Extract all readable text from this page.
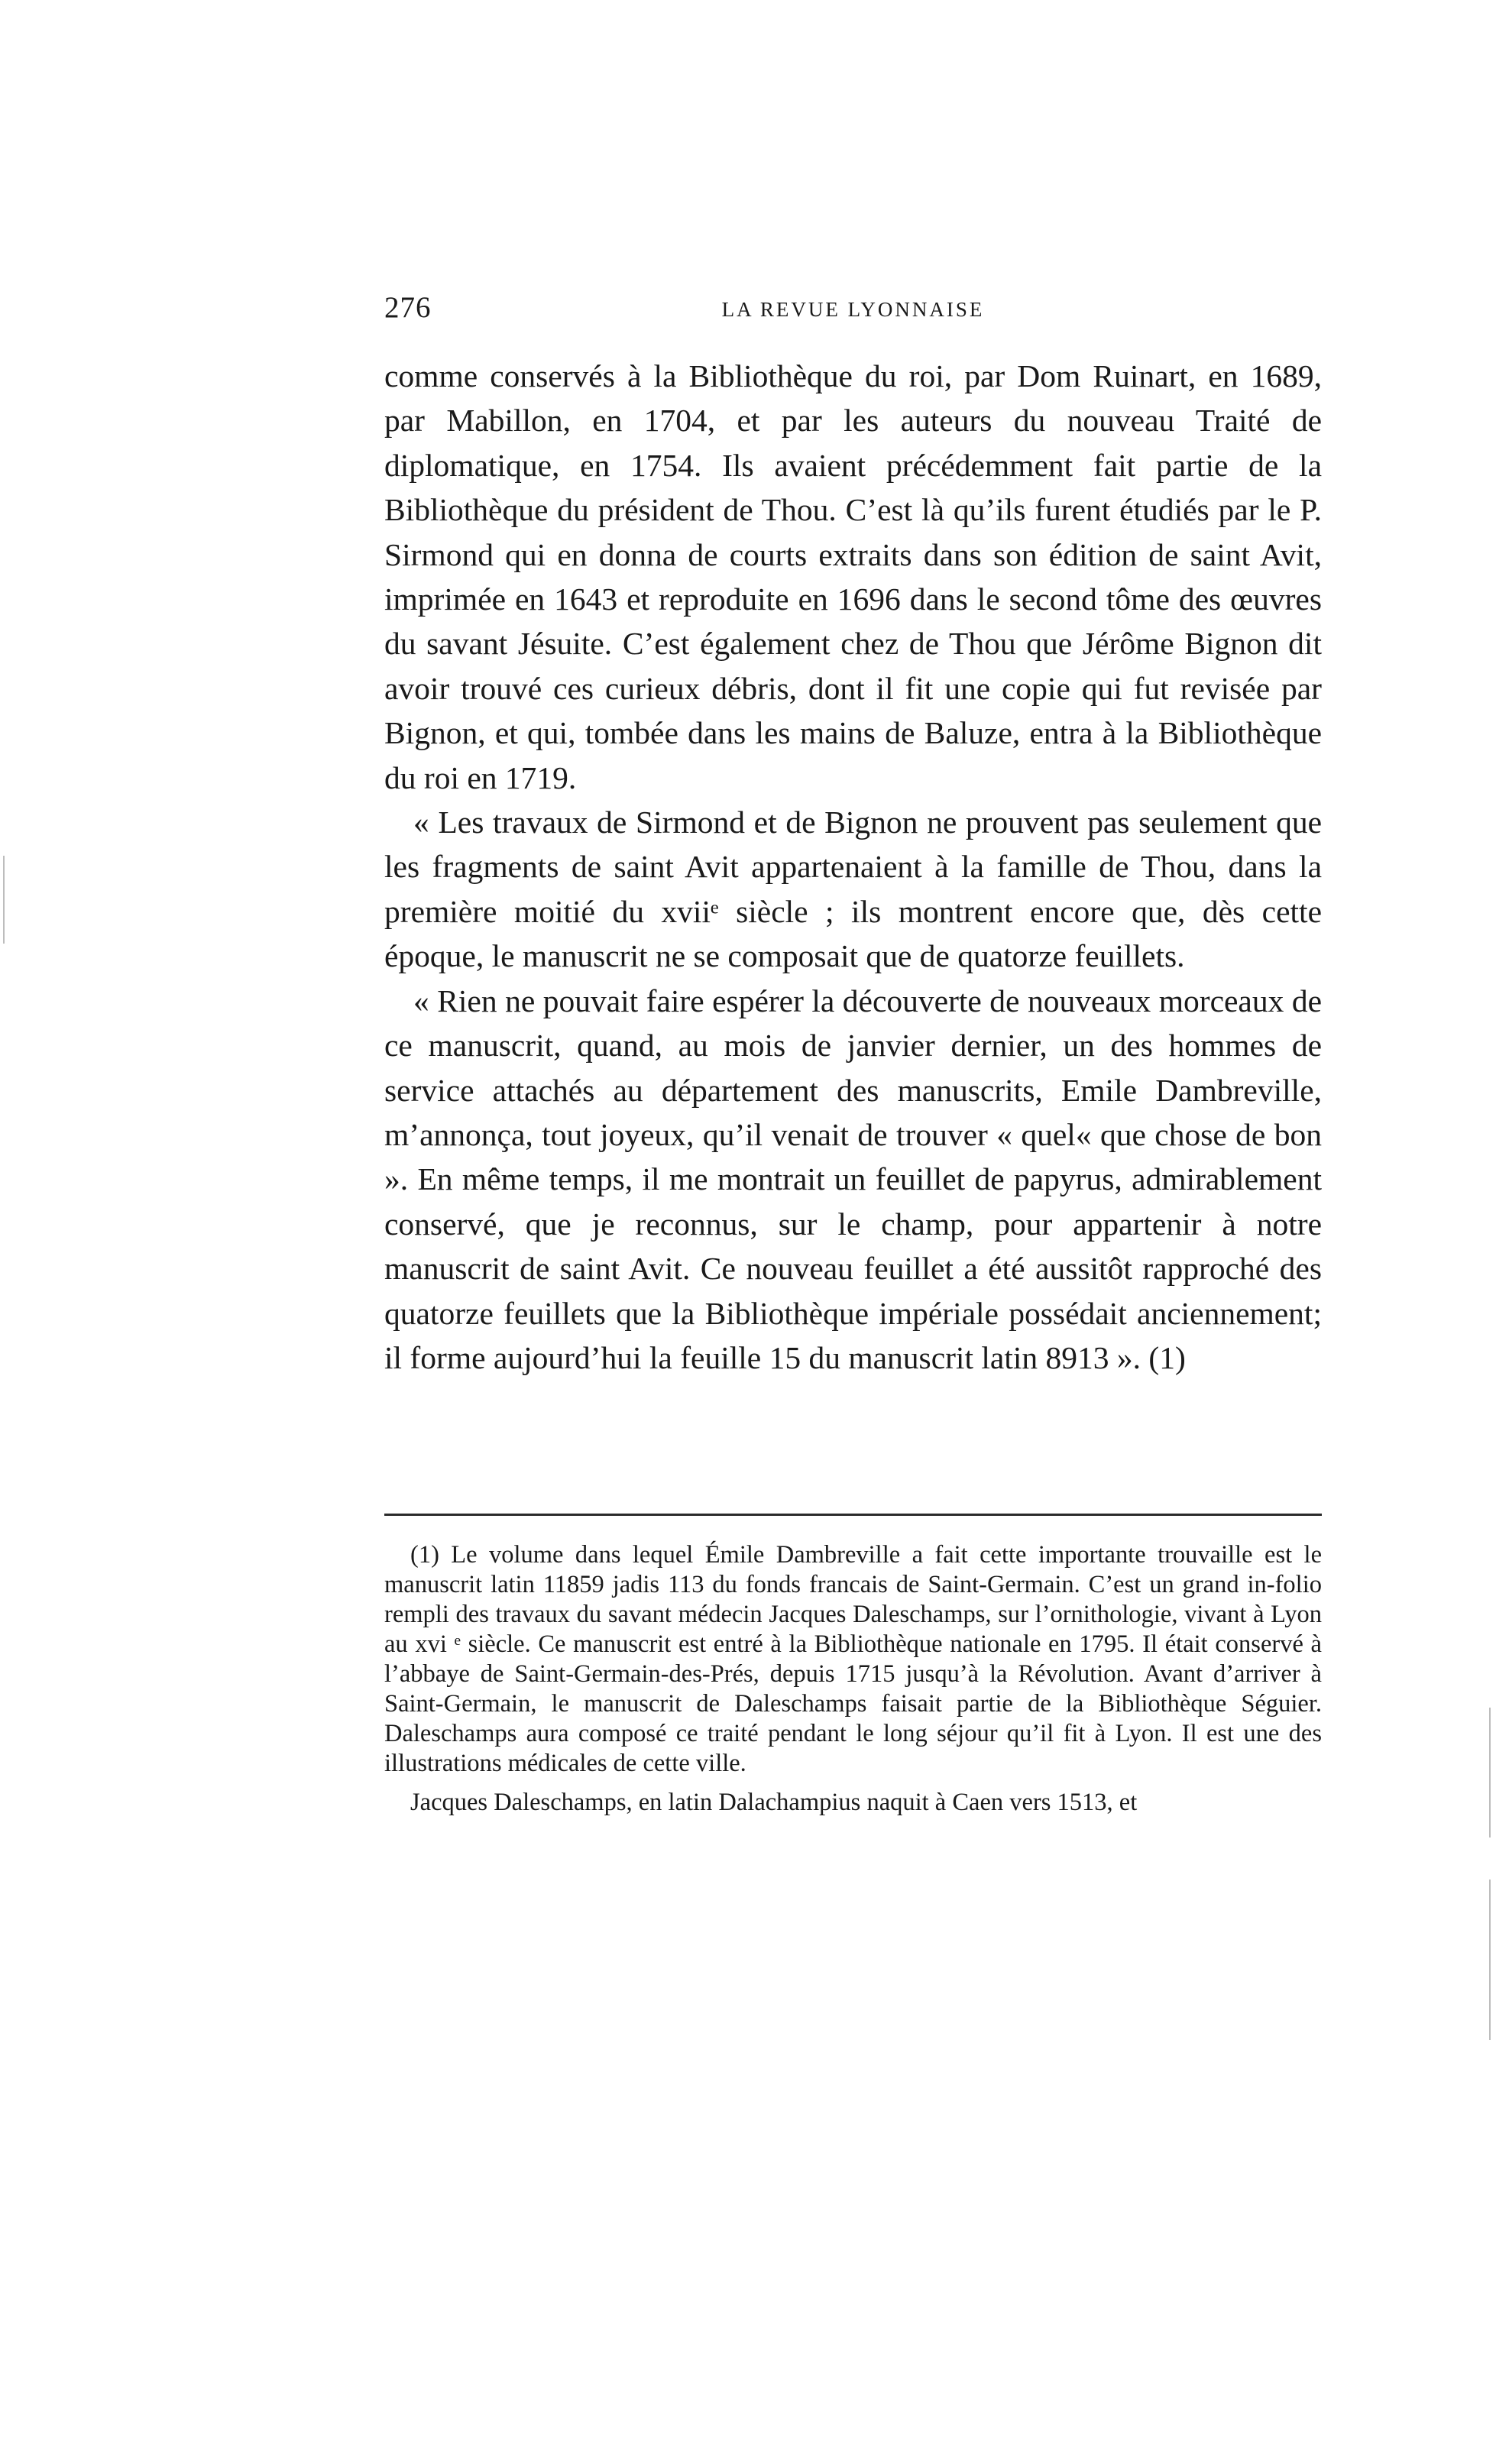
276	LA REVUE LYONNAISE

comme conservés à la Bibliothèque du roi, par Dom Ruinart, en 1689, par Mabillon, en 1704, et par les auteurs du nouveau Traité de diplomatique, en 1754. Ils avaient précédemment fait partie de la Bibliothèque du président de Thou. C’est là qu’ils furent étudiés par le P. Sirmond qui en donna de courts extraits dans son édition de saint Avit, imprimée en 1643 et reproduite en 1696 dans le second tôme des œuvres du savant Jésuite. C’est également chez de Thou que Jérôme Bignon dit avoir trouvé ces curieux débris, dont il fit une copie qui fut revisée par Bignon, et qui, tombée dans les mains de Baluze, entra à la Bibliothèque du roi en 1719.

« Les travaux de Sirmond et de Bignon ne prouvent pas seulement que les fragments de saint Avit appartenaient à la famille de Thou, dans la première moitié du xviiᵉ siècle ; ils montrent encore que, dès cette époque, le manuscrit ne se composait que de quatorze feuillets.

« Rien ne pouvait faire espérer la découverte de nouveaux morceaux de ce manuscrit, quand, au mois de janvier dernier, un des hommes de service attachés au département des manuscrits, Emile Dambreville, m’annonça, tout joyeux, qu’il venait de trouver « quel« que chose de bon ». En même temps, il me montrait un feuillet de papyrus, admirablement conservé, que je reconnus, sur le champ, pour appartenir à notre manuscrit de saint Avit. Ce nouveau feuillet a été aussitôt rapproché des quatorze feuillets que la Bibliothèque impériale possédait anciennement; il forme aujourd’hui la feuille 15 du manuscrit latin 8913 ». (1)

(1) Le volume dans lequel Émile Dambreville a fait cette importante trouvaille est le manuscrit latin 11859 jadis 113 du fonds francais de Saint-Germain. C’est un grand in-folio rempli des travaux du savant médecin Jacques Daleschamps, sur l’ornithologie, vivant à Lyon au xvi ᵉ siècle. Ce manuscrit est entré à la Bibliothèque nationale en 1795. Il était conservé à l’abbaye de Saint-Germain-des-Prés, depuis 1715 jusqu’à la Révolution. Avant d’arriver à Saint-Germain, le manuscrit de Daleschamps faisait partie de la Bibliothèque Séguier. Daleschamps aura composé ce traité pendant le long séjour qu’il fit à Lyon. Il est une des illustrations médicales de cette ville.

Jacques Daleschamps, en latin Dalachampius naquit à Caen vers 1513, et
